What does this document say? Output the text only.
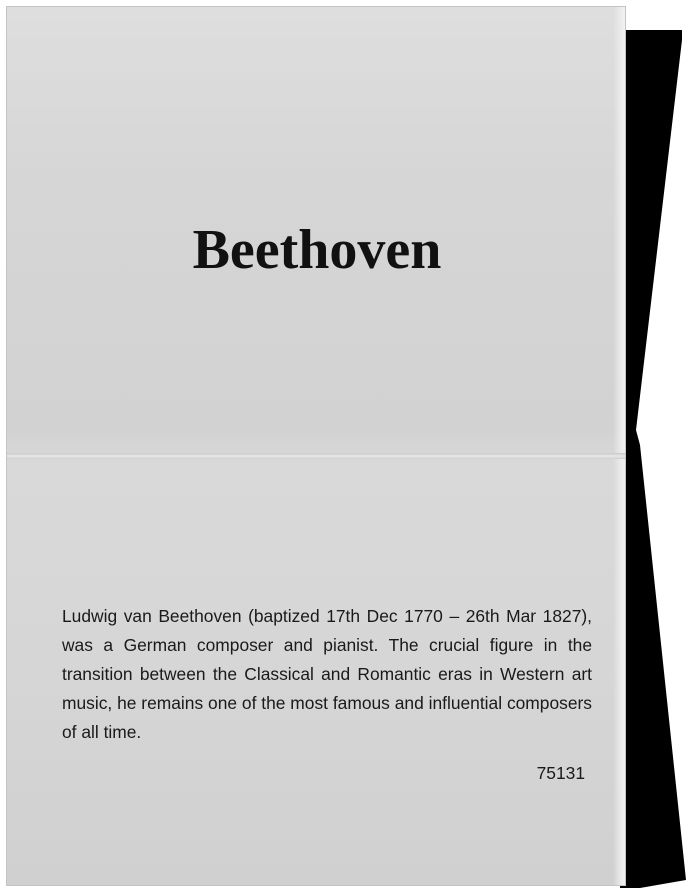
Beethoven

Ludwig van Beethoven (baptized 17th Dec 1770 – 26th Mar 1827), was a German composer and pianist. The crucial figure in the transition between the Classical and Romantic eras in Western art music, he remains one of the most famous and influential composers of all time.

75131
